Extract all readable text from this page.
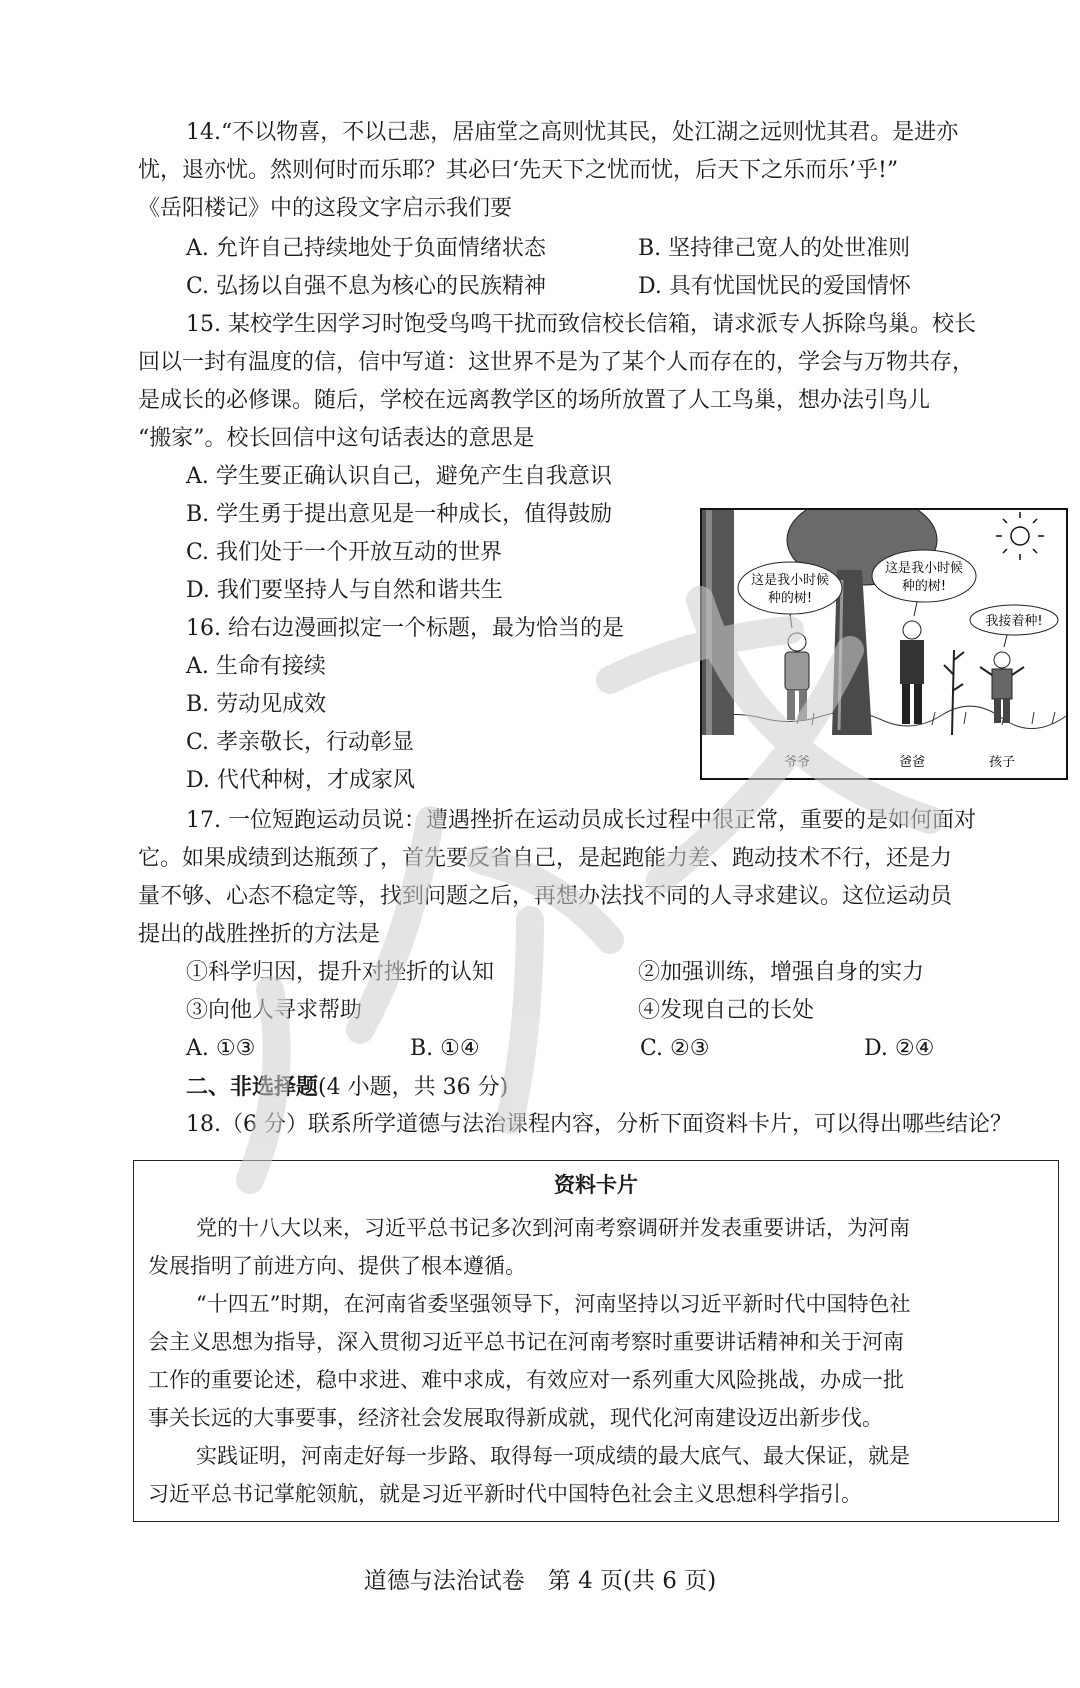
14.“不以物喜，不以己悲，居庙堂之高则忧其民，处江湖之远则忧其君。是进亦
忧，退亦忧。然则何时而乐耶？其必曰‘先天下之忧而忧，后天下之乐而乐’乎!”
《岳阳楼记》中的这段文字启示我们要
A. 允许自己持续地处于负面情绪状态	B. 坚持律己宽人的处世准则
C. 弘扬以自强不息为核心的民族精神	D. 具有忧国忧民的爱国情怀
15. 某校学生因学习时饱受鸟鸣干扰而致信校长信箱，请求派专人拆除鸟巢。校长
回以一封有温度的信，信中写道：这世界不是为了某个人而存在的，学会与万物共存，
是成长的必修课。随后，学校在远离教学区的场所放置了人工鸟巢，想办法引鸟儿
“搬家”。校长回信中这句话表达的意思是
A. 学生要正确认识自己，避免产生自我意识
B. 学生勇于提出意见是一种成长，值得鼓励
C. 我们处于一个开放互动的世界
D. 我们要坚持人与自然和谐共生
16. 给右边漫画拟定一个标题，最为恰当的是
A. 生命有接续
B. 劳动见成效
C. 孝亲敬长，行动彰显
D. 代代种树，才成家风
这是我小时候
种的树!
这是我小时候
种的树!
我接着种!
爷爷	爸爸	孩子
17. 一位短跑运动员说：遭遇挫折在运动员成长过程中很正常，重要的是如何面对
它。如果成绩到达瓶颈了，首先要反省自己，是起跑能力差、跑动技术不行，还是力
量不够、心态不稳定等，找到问题之后，再想办法找不同的人寻求建议。这位运动员
提出的战胜挫折的方法是
①科学归因，提升对挫折的认知	②加强训练，增强自身的实力
③向他人寻求帮助	④发现自己的长处
A. ①③	B. ①④	C. ②③	D. ②④
二、非选择题(4 小题，共 36 分)
18.（6 分）联系所学道德与法治课程内容，分析下面资料卡片，可以得出哪些结论？
资料卡片
党的十八大以来，习近平总书记多次到河南考察调研并发表重要讲话，为河南
发展指明了前进方向、提供了根本遵循。
“十四五”时期，在河南省委坚强领导下，河南坚持以习近平新时代中国特色社
会主义思想为指导，深入贯彻习近平总书记在河南考察时重要讲话精神和关于河南
工作的重要论述，稳中求进、难中求成，有效应对一系列重大风险挑战，办成一批
事关长远的大事要事，经济社会发展取得新成就，现代化河南建设迈出新步伐。
实践证明，河南走好每一步路、取得每一项成绩的最大底气、最大保证，就是
习近平总书记掌舵领航，就是习近平新时代中国特色社会主义思想科学指引。
道德与法治试卷　第 4 页(共 6 页)
